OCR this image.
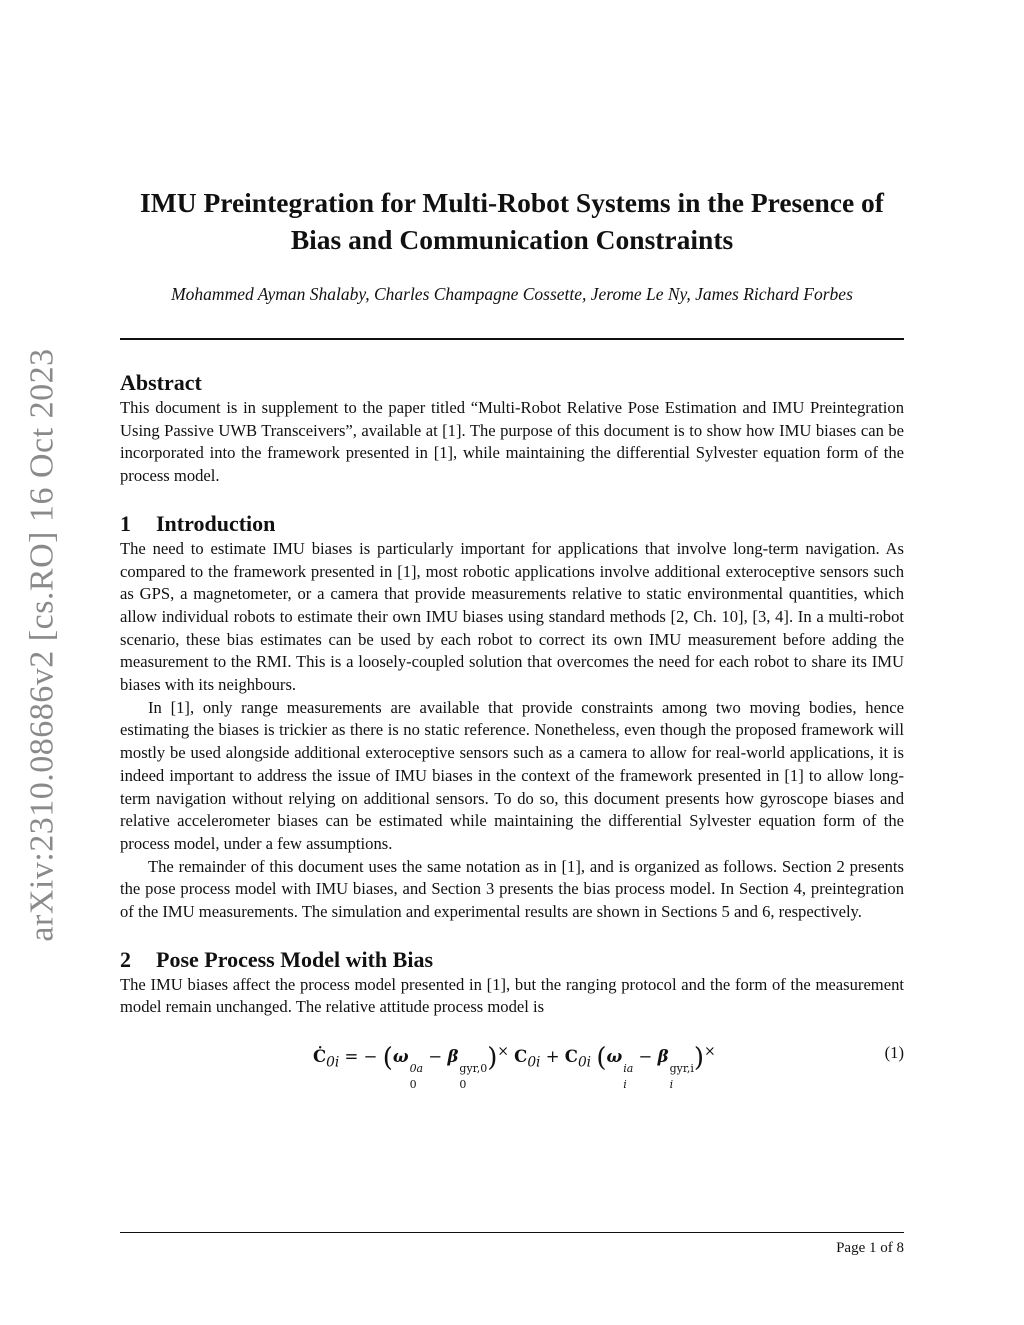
arXiv:2310.08686v2 [cs.RO] 16 Oct 2023
IMU Preintegration for Multi-Robot Systems in the Presence of
Bias and Communication Constraints
Mohammed Ayman Shalaby, Charles Champagne Cossette, Jerome Le Ny, James Richard Forbes
Abstract

This document is in supplement to the paper titled “Multi-Robot Relative Pose Estimation and IMU Preintegration Using Passive UWB Transceivers”, available at [1]. The purpose of this document is to show how IMU biases can be incorporated into the framework presented in [1], while maintaining the differential Sylvester equation form of the process model.

1 Introduction

The need to estimate IMU biases is particularly important for applications that involve long-term navigation. As compared to the framework presented in [1], most robotic applications involve additional exteroceptive sensors such as GPS, a magnetometer, or a camera that provide measurements relative to static environmental quantities, which allow individual robots to estimate their own IMU biases using standard methods [2, Ch. 10], [3, 4]. In a multi-robot scenario, these bias estimates can be used by each robot to correct its own IMU measurement before adding the measurement to the RMI. This is a loosely-coupled solution that overcomes the need for each robot to share its IMU biases with its neighbours.

In [1], only range measurements are available that provide constraints among two moving bodies, hence estimating the biases is trickier as there is no static reference. Nonetheless, even though the proposed framework will mostly be used alongside additional exteroceptive sensors such as a camera to allow for real-world applications, it is indeed important to address the issue of IMU biases in the context of the framework presented in [1] to allow long-term navigation without relying on additional sensors. To do so, this document presents how gyroscope biases and relative accelerometer biases can be estimated while maintaining the differential Sylvester equation form of the process model, under a few assumptions.

The remainder of this document uses the same notation as in [1], and is organized as follows. Section 2 presents the pose process model with IMU biases, and Section 3 presents the bias process model. In Section 4, preintegration of the IMU measurements. The simulation and experimental results are shown in Sections 5 and 6, respectively.

2 Pose Process Model with Bias

The IMU biases affect the process model presented in [1], but the ranging protocol and the form of the measurement model remain unchanged. The relative attitude process model is

$Ċ_{0i}$ = − (ω
0a
0
− β
gyr,0
0
)× $C_{0i} + C_{0i}$ (ω
ia
i
− β
gyr,i
i
)×	(1)
Page 1 of 8
